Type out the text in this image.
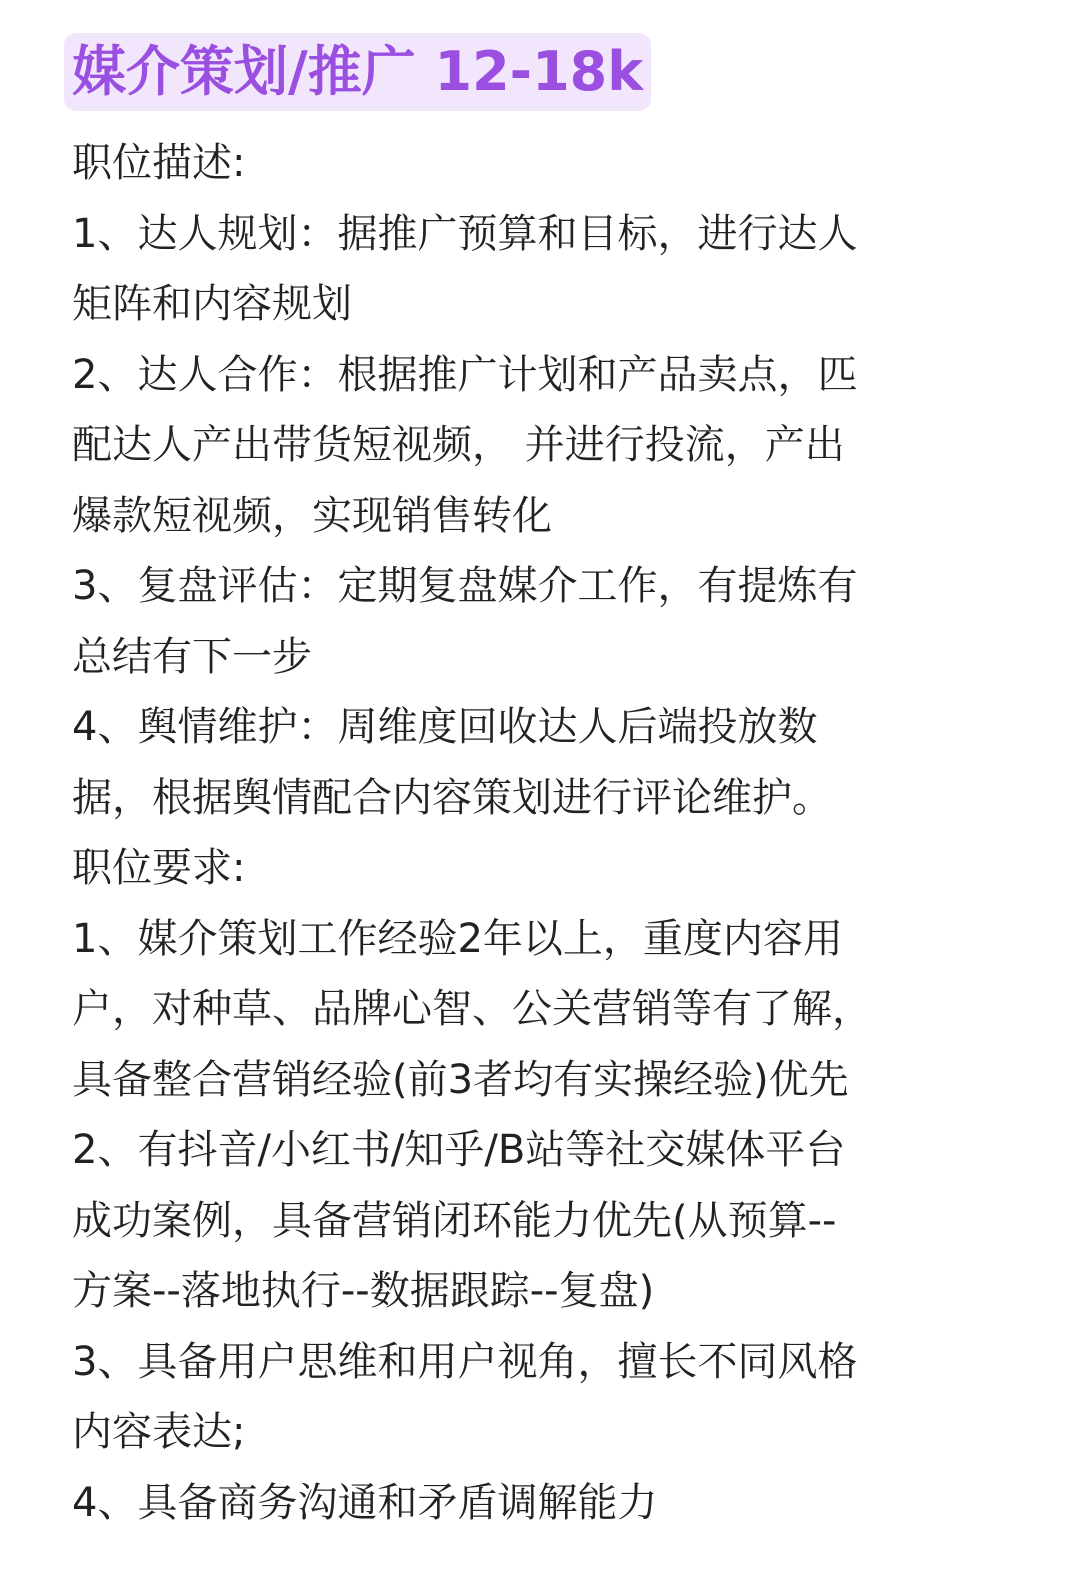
媒介策划/推广 12-18k
职位描述:
1、达人规划：据推广预算和目标，进行达人
矩阵和内容规划
2、达人合作：根据推广计划和产品卖点，匹
配达人产出带货短视频， 并进行投流，产出
爆款短视频，实现销售转化
3、复盘评估：定期复盘媒介工作，有提炼有
总结有下一步
4、舆情维护：周维度回收达人后端投放数
据，根据舆情配合内容策划进行评论维护。
职位要求:
1、媒介策划工作经验2年以上，重度内容用
户，对种草、品牌心智、公关营销等有了解，
具备整合营销经验(前3者均有实操经验)优先
2、有抖音/小红书/知乎/B站等社交媒体平台
成功案例，具备营销闭环能力优先(从预算--
方案--落地执行--数据跟踪--复盘)
3、具备用户思维和用户视角，擅长不同风格
内容表达;
4、具备商务沟通和矛盾调解能力
